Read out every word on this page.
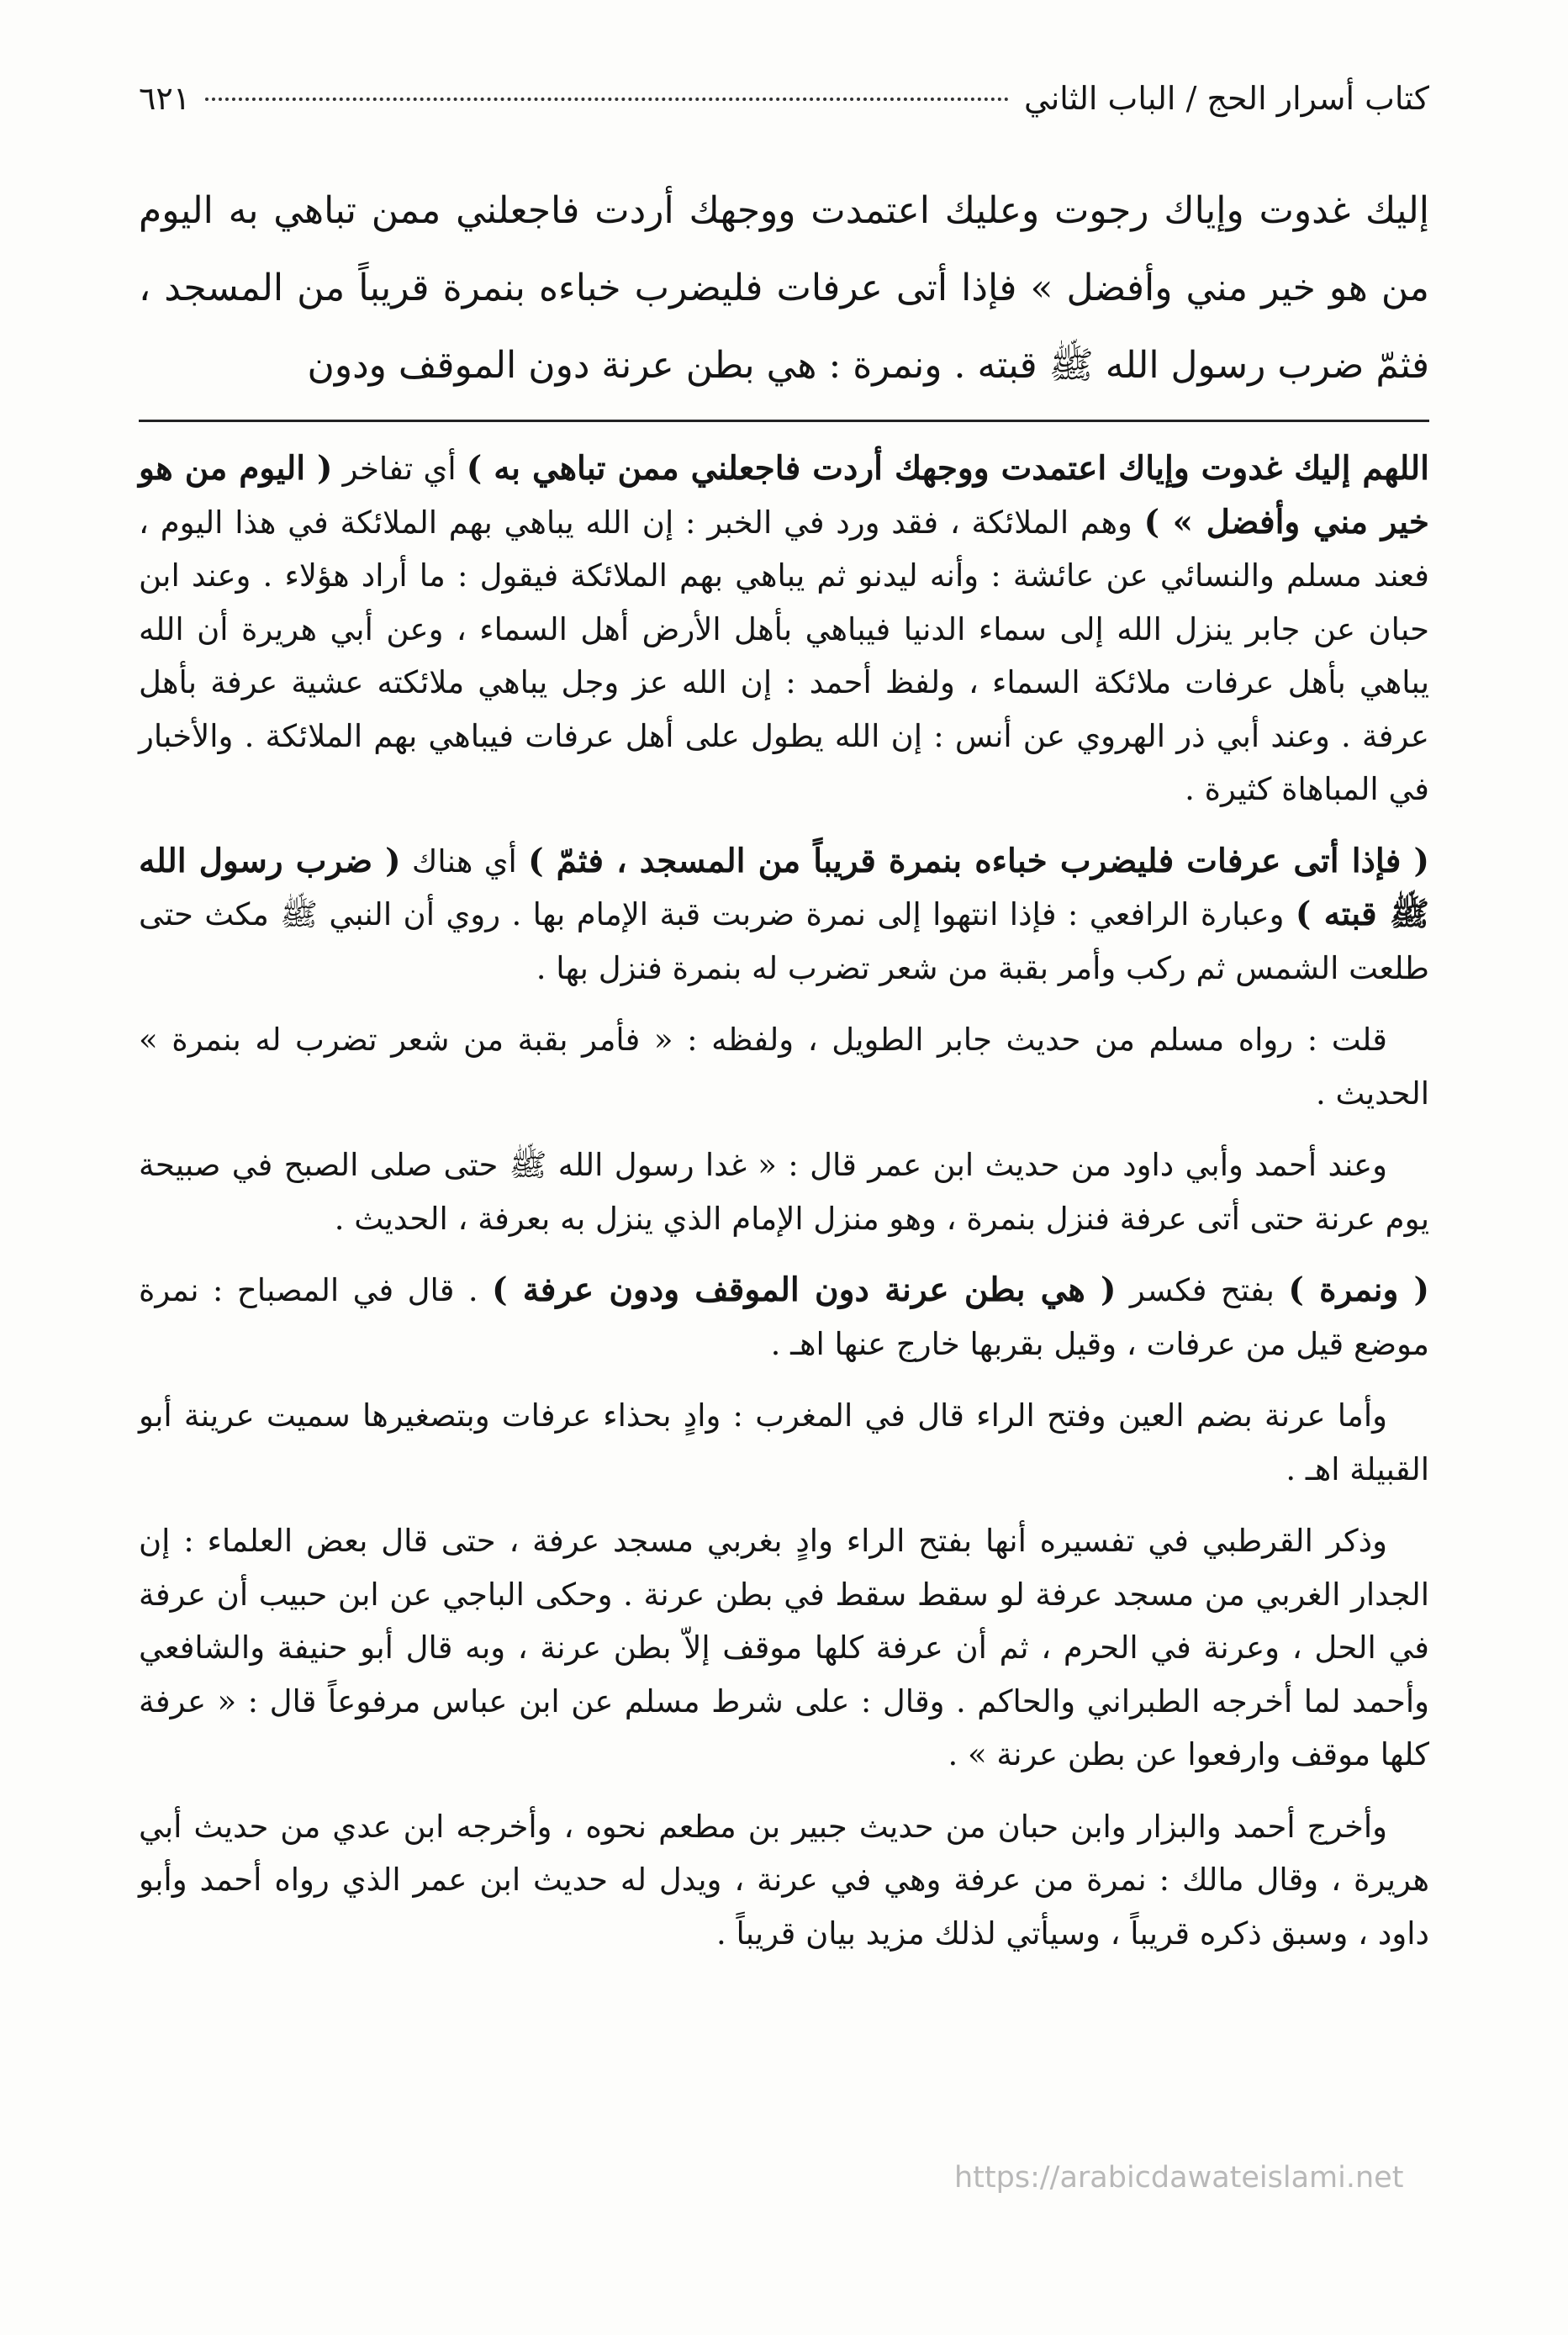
كتاب أسرار الحج / الباب الثاني
٦٢١

إليك غدوت وإياك رجوت وعليك اعتمدت ووجهك أردت فاجعلني ممن تباهي به اليوم من هو خير مني وأفضل » فإذا أتى عرفات فليضرب خباءه بنمرة قريباً من المسجد ، فثمّ ضرب رسول الله ﷺ قبته . ونمرة : هي بطن عرنة دون الموقف ودون

اللهم إليك غدوت وإياك اعتمدت ووجهك أردت فاجعلني ممن تباهي به ) أي تفاخر ( اليوم من هو خير مني وأفضل » ) وهم الملائكة ، فقد ورد في الخبر : إن الله يباهي بهم الملائكة في هذا اليوم ، فعند مسلم والنسائي عن عائشة : وأنه ليدنو ثم يباهي بهم الملائكة فيقول : ما أراد هؤلاء . وعند ابن حبان عن جابر ينزل الله إلى سماء الدنيا فيباهي بأهل الأرض أهل السماء ، وعن أبي هريرة أن الله يباهي بأهل عرفات ملائكة السماء ، ولفظ أحمد : إن الله عز وجل يباهي ملائكته عشية عرفة بأهل عرفة . وعند أبي ذر الهروي عن أنس : إن الله يطول على أهل عرفات فيباهي بهم الملائكة . والأخبار في المباهاة كثيرة .

( فإذا أتى عرفات فليضرب خباءه بنمرة قريباً من المسجد ، فثمّ ) أي هناك ( ضرب رسول الله ﷺ قبته ) وعبارة الرافعي : فإذا انتهوا إلى نمرة ضربت قبة الإمام بها . روي أن النبي ﷺ مكث حتى طلعت الشمس ثم ركب وأمر بقبة من شعر تضرب له بنمرة فنزل بها .

قلت : رواه مسلم من حديث جابر الطويل ، ولفظه : « فأمر بقبة من شعر تضرب له بنمرة » الحديث .

وعند أحمد وأبي داود من حديث ابن عمر قال : « غدا رسول الله ﷺ حتى صلى الصبح في صبيحة يوم عرنة حتى أتى عرفة فنزل بنمرة ، وهو منزل الإمام الذي ينزل به بعرفة ، الحديث .

( ونمرة ) بفتح فكسر ( هي بطن عرنة دون الموقف ودون عرفة ) . قال في المصباح : نمرة موضع قيل من عرفات ، وقيل بقربها خارج عنها اهـ .

وأما عرنة بضم العين وفتح الراء قال في المغرب : وادٍ بحذاء عرفات وبتصغيرها سميت عرينة أبو القبيلة اهـ .

وذكر القرطبي في تفسيره أنها بفتح الراء وادٍ بغربي مسجد عرفة ، حتى قال بعض العلماء : إن الجدار الغربي من مسجد عرفة لو سقط سقط في بطن عرنة . وحكى الباجي عن ابن حبيب أن عرفة في الحل ، وعرنة في الحرم ، ثم أن عرفة كلها موقف إلاّ بطن عرنة ، وبه قال أبو حنيفة والشافعي وأحمد لما أخرجه الطبراني والحاكم . وقال : على شرط مسلم عن ابن عباس مرفوعاً قال : « عرفة كلها موقف وارفعوا عن بطن عرنة » .

وأخرج أحمد والبزار وابن حبان من حديث جبير بن مطعم نحوه ، وأخرجه ابن عدي من حديث أبي هريرة ، وقال مالك : نمرة من عرفة وهي في عرنة ، ويدل له حديث ابن عمر الذي رواه أحمد وأبو داود ، وسبق ذكره قريباً ، وسيأتي لذلك مزيد بيان قريباً .

https://arabicdawateislami.net
